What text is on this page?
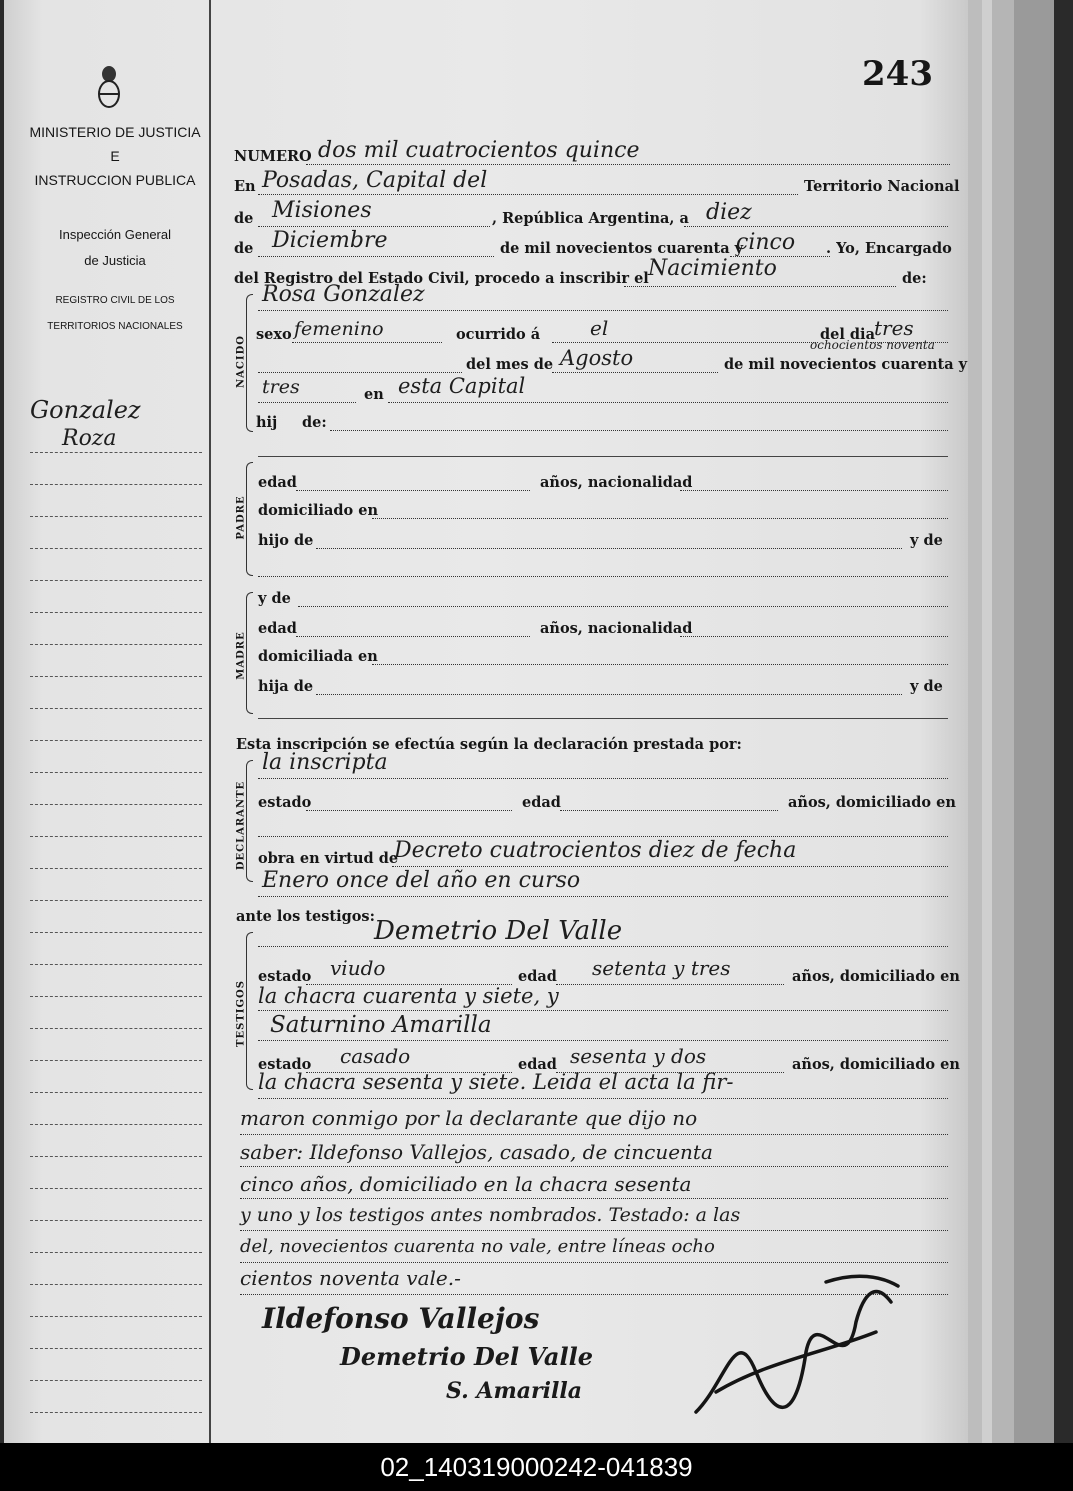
MINISTERIO DE JUSTICIA
E
INSTRUCCION PUBLICA
Inspección General
de Justicia
REGISTRO CIVIL DE LOS
TERRITORIOS NACIONALES
Gonzalez
Roza
243
NUMERO dos mil cuatrocientos quince
En Posadas, Capital del	Territorio Nacional
de Misiones	, República Argentina, a diez
de Diciembre	de mil novecientos cuarenta y
cinco . Yo, Encargado
del Registro del Estado Civil, procedo a inscribir el Nacimiento	de:
NACIDO
Rosa Gonzalez
sexo femenino	ocurrido á el	del dia tres
del mes de Agosto
ochocientos noventa
de mil novecientos cuarenta y
tres	en esta Capital
hij de:
PADRE
edad	años, nacionalidad
domiciliado en
hijo de	y de
MADRE
y de
edad	años, nacionalidad
domiciliada en
hija de	y de
Esta inscripción se efectúa según la declaración prestada por:
DECLARANTE
la inscripta
estado	edad	años, domiciliado en
obra en virtud de
Decreto cuatrocientos diez de fecha
Enero once del año en curso
ante los testigos:
TESTIGOS
Demetrio Del Valle
estado viudo	edad setenta y tres	años, domiciliado en
la chacra cuarenta y siete, y
Saturnino Amarilla
estado casado	edad sesenta y dos	años, domiciliado en
la chacra sesenta y siete. Leida el acta la fir-
maron conmigo por la declarante que dijo no
saber: Ildefonso Vallejos, casado, de cincuenta
cinco años, domiciliado en la chacra sesenta
y uno y los testigos antes nombrados. Testado: a las
del, novecientos cuarenta no vale, entre líneas ocho
cientos noventa vale.-
Ildefonso Vallejos
Demetrio Del Valle
S. Amarilla
02_140319000242-041839
